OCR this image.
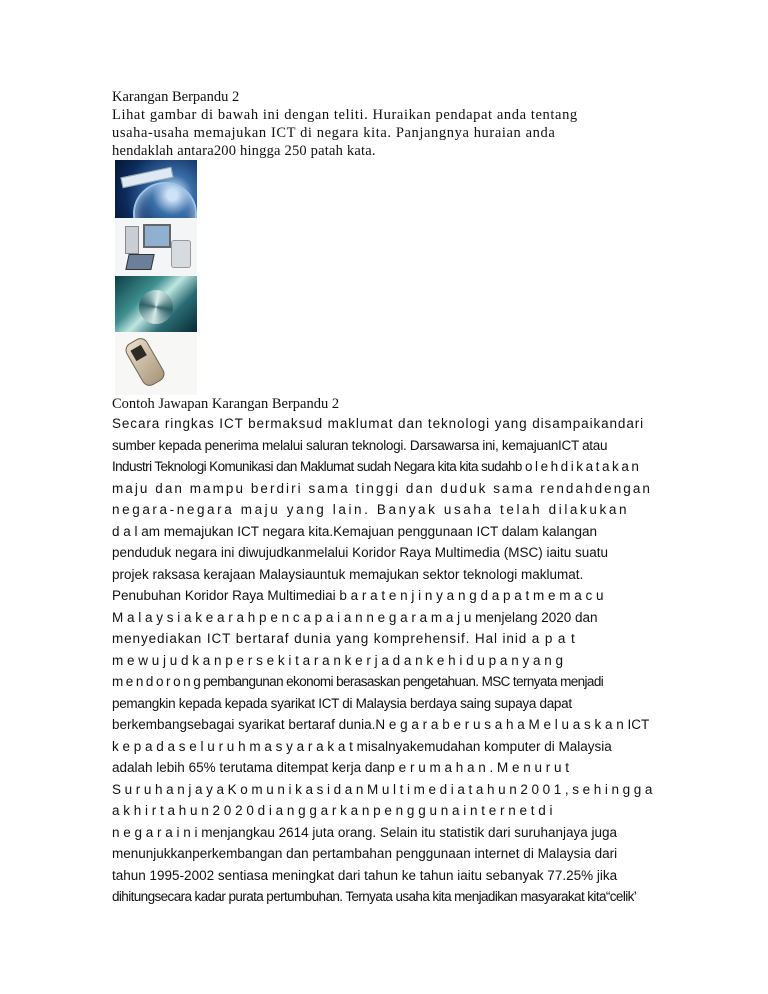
Karangan Berpandu 2

Lihat gambar di bawah ini dengan teliti. Huraikan pendapat anda tentang

usaha-usaha memajukan ICT di negara kita. Panjangnya huraian anda

hendaklah antara200 hingga 250 patah kata.

Contoh Jawapan Karangan Berpandu 2

Secara ringkas ICT bermaksud maklumat dan teknologi yang disampaikandari

sumber kepada penerima melalui saluran teknologi. Darsawarsa ini, kemajuanICT atau

Industri Teknologi Komunikasi dan Maklumat sudah Negara kita kita sudahb o l e h d i k a t a k a n

maju dan mampu berdiri sama tinggi dan duduk sama rendahdengan

negara-negara maju yang lain. Banyak usaha telah dilakukan

d a l am memajukan ICT negara kita.Kemajuan penggunaan ICT dalam kalangan

penduduk negara ini diwujudkanmelalui Koridor Raya Multimedia (MSC) iaitu suatu

projek raksasa kerajaan Malaysiauntuk memajukan sektor teknologi maklumat.

Penubuhan Koridor Raya Multimediai b a r a t e n j i n y a n g d a p a t m e m a c u

M a l a y s i a k e a r a h p e n c a p a i a n n e g a r a m a j u menjelang 2020 dan

menyediakan ICT bertaraf dunia yang komprehensif. Hal inid a p a t

m e w u j u d k a n p e r s e k i t a r a n k e r j a d a n k e h i d u p a n y a n g

m e n d o r o n g pembangunan ekonomi berasaskan pengetahuan. MSC ternyata menjadi

pemangkin kepada kepada syarikat ICT di Malaysia berdaya saing supaya dapat

berkembangsebagai syarikat bertaraf dunia.N e g a r a b e r u s a h a M e l u a s k a n ICT

k e p a d a s e l u r u h m a s y a r a k a t misalnyakemudahan komputer di Malaysia

adalah lebih 65% terutama ditempat kerja danp e r u m a h a n . M e n u r u t

S u r u h a n j a y a K o m u n i k a s i d a n M u l t i m e d i a t a h u n 2 0 0 1 , s e h i n g g a

a k h i r t a h u n 2 0 2 0 d i a n g g a r k a n p e n g g u n a i n t e r n e t d i

n e g a r a i n i menjangkau 2614 juta orang. Selain itu statistik dari suruhanjaya juga

menunjukkanperkembangan dan pertambahan penggunaan internet di Malaysia dari

tahun 1995-2002 sentiasa meningkat dari tahun ke tahun iaitu sebanyak 77.25% jika

dihitungsecara kadar purata pertumbuhan. Ternyata usaha kita menjadikan masyarakat kita“celik’
